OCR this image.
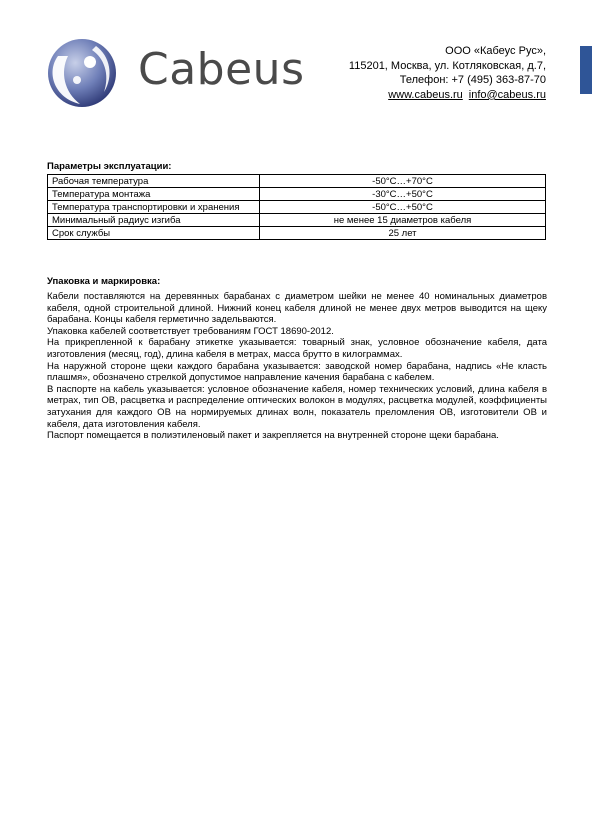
Cabeus	ООО «Кабеус Рус»,
115201, Москва, ул. Котляковская, д.7,
Телефон: +7 (495) 363-87-70
www.cabeus.ru info@cabeus.ru
Параметры эксплуатации:
Рабочая температура	-50°C…+70°C
Температура монтажа	-30°C…+50°C
Температура транспортировки и хранения	-50°C…+50°C
Минимальный радиус изгиба	не менее 15 диаметров кабеля
Срок службы	25 лет
Упаковка и маркировка:

Кабели поставляются на деревянных барабанах с диаметром шейки не менее 40 номинальных диаметров кабеля, одной строительной длиной. Нижний конец кабеля длиной не менее двух метров выводится на щеку барабана. Концы кабеля герметично задельваются.

Упаковка кабелей соответствует требованиям ГОСТ 18690-2012.

На прикрепленной к барабану этикетке указывается: товарный знак, условное обозначение кабеля, дата изготовления (месяц, год), длина кабеля в метрах, масса брутто в килограммах.

На наружной стороне щеки каждого барабана указывается: заводской номер барабана, надпись «Не класть плашмя», обозначено стрелкой допустимое направление качения барабана с кабелем.

В паспорте на кабель указывается: условное обозначение кабеля, номер технических условий, длина кабеля в метрах, тип ОВ, расцветка и распределение оптических волокон в модулях, расцветка модулей, коэффициенты затухания для каждого ОВ на нормируемых длинах волн, показатель преломления ОВ, изготовители ОВ и кабеля, дата изготовления кабеля.

Паспорт помещается в полиэтиленовый пакет и закрепляется на внутренней стороне щеки барабана.
